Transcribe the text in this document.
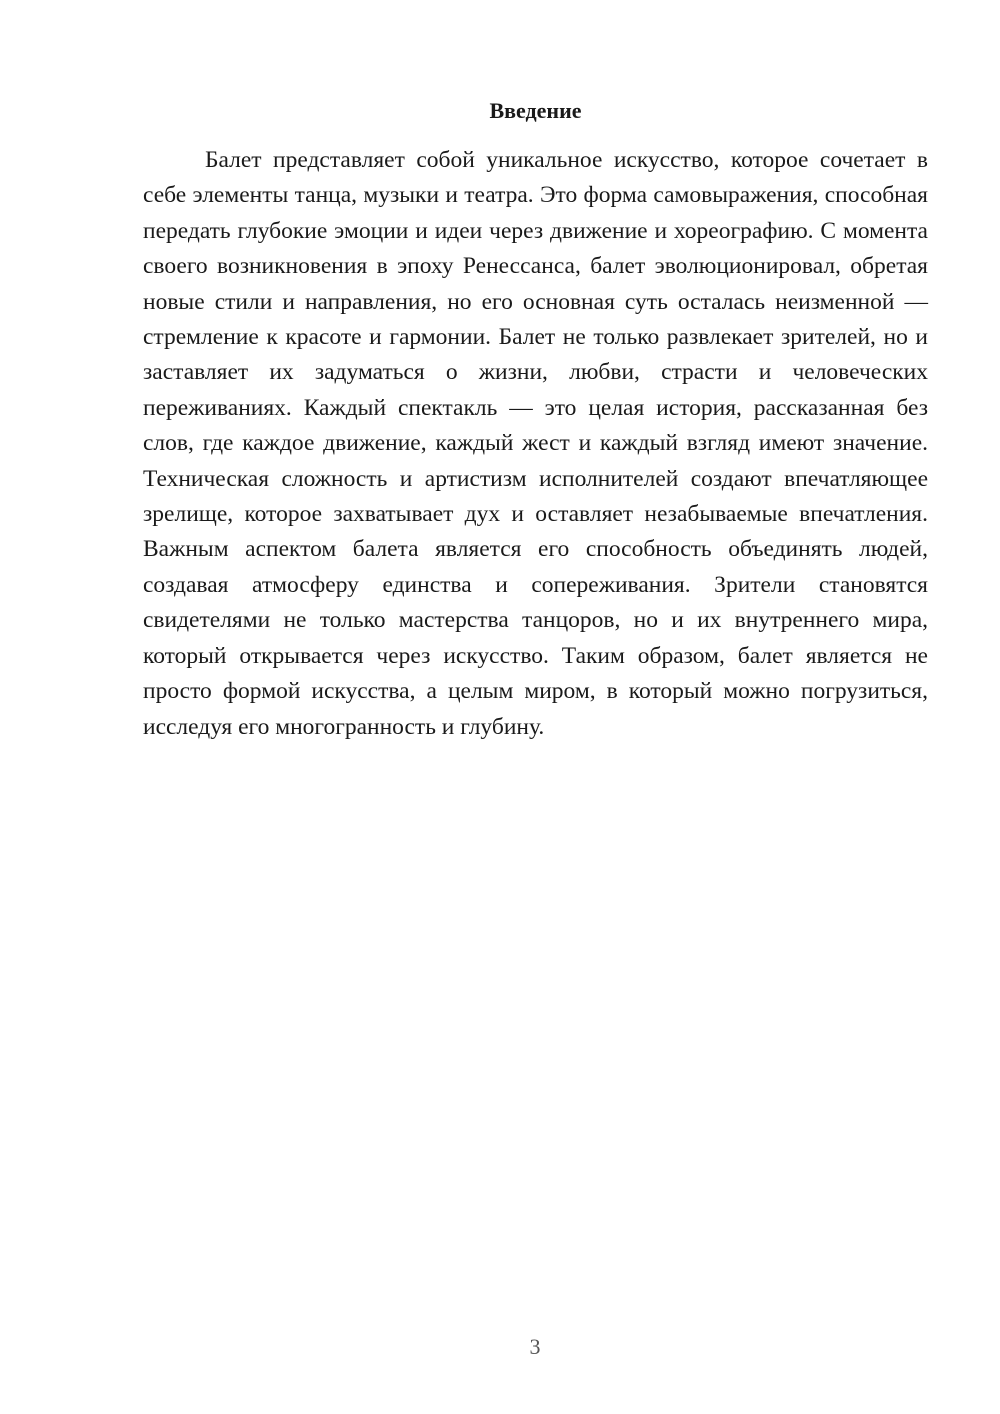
Введение

Балет представляет собой уникальное искусство, которое сочетает в себе элементы танца, музыки и театра. Это форма самовыражения, способная передать глубокие эмоции и идеи через движение и хореографию. С момента своего возникновения в эпоху Ренессанса, балет эволюционировал, обретая новые стили и направления, но его основная суть осталась неизменной — стремление к красоте и гармонии. Балет не только развлекает зрителей, но и заставляет их задуматься о жизни, любви, страсти и человеческих переживаниях. Каждый спектакль — это целая история, рассказанная без слов, где каждое движение, каждый жест и каждый взгляд имеют значение. Техническая сложность и артистизм исполнителей создают впечатляющее зрелище, которое захватывает дух и оставляет незабываемые впечатления. Важным аспектом балета является его способность объединять людей, создавая атмосферу единства и сопереживания. Зрители становятся свидетелями не только мастерства танцоров, но и их внутреннего мира, который открывается через искусство. Таким образом, балет является не просто формой искусства, а целым миром, в который можно погрузиться, исследуя его многогранность и глубину.

3
